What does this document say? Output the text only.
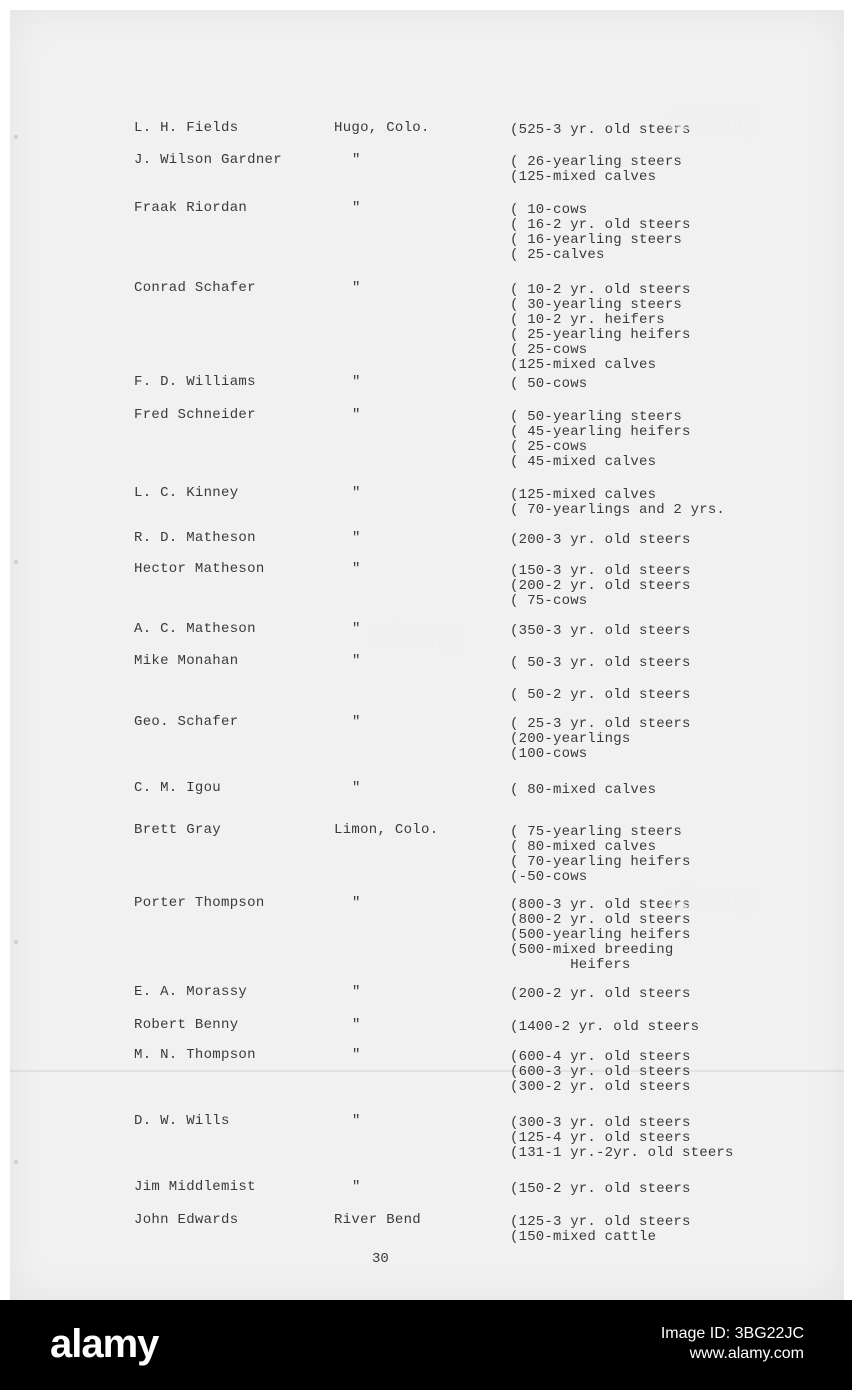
L. H. Fields	Hugo, Colo.	(525-3 yr. old steers
J. Wilson Gardner	"	( 26-yearling steers
(125-mixed calves
Fraak Riordan	"	( 10-cows
( 16-2 yr. old steers
( 16-yearling steers
( 25-calves
Conrad Schafer	"	( 10-2 yr. old steers
( 30-yearling steers
( 10-2 yr. heifers
( 25-yearling heifers
( 25-cows
(125-mixed calves
F. D. Williams	"	( 50-cows
Fred Schneider	"	( 50-yearling steers
( 45-yearling heifers
( 25-cows
( 45-mixed calves
L. C. Kinney	"	(125-mixed calves
( 70-yearlings and 2 yrs.
R. D. Matheson	"	(200-3 yr. old steers
Hector Matheson	"	(150-3 yr. old steers
(200-2 yr. old steers
( 75-cows
A. C. Matheson	"	(350-3 yr. old steers
Mike Monahan	"	( 50-3 yr. old steers
( 50-2 yr. old steers
Geo. Schafer	"	( 25-3 yr. old steers
(200-yearlings
(100-cows
C. M. Igou	"	( 80-mixed calves
Brett Gray	Limon, Colo.	( 75-yearling steers
( 80-mixed calves
( 70-yearling heifers
(-50-cows
Porter Thompson	"	(800-3 yr. old steers
(800-2 yr. old steers
(500-yearling heifers
(500-mixed breeding
Heifers
E. A. Morassy	"	(200-2 yr. old steers
Robert Benny	"	(1400-2 yr. old steers
M. N. Thompson	"	(600-4 yr. old steers
(600-3 yr. old steers
(300-2 yr. old steers
D. W. Wills	"	(300-3 yr. old steers
(125-4 yr. old steers
(131-1 yr.-2yr. old steers
Jim Middlemist	"	(150-2 yr. old steers
John Edwards	River Bend	(125-3 yr. old steers
(150-mixed cattle
30
alamy
alamy
alamy
alamy	Image ID: 3BG22JC
www.alamy.com
